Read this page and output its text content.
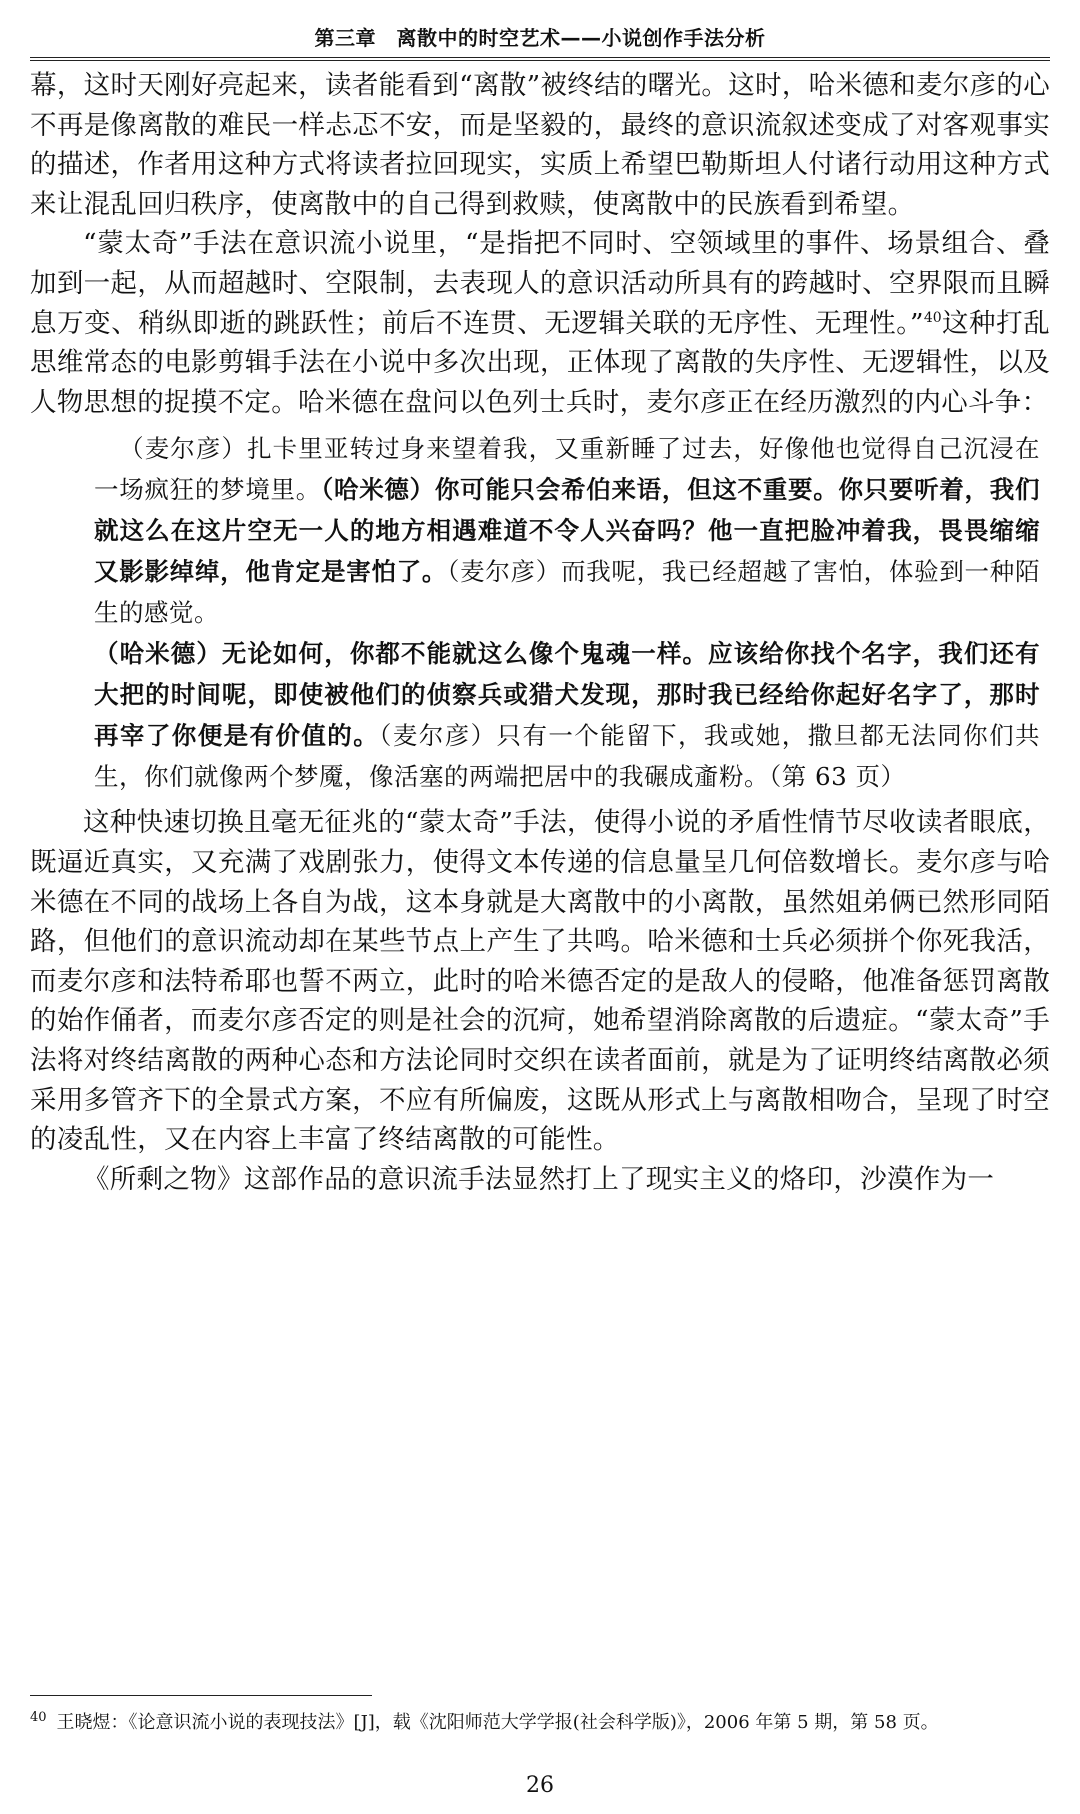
第三章　离散中的时空艺术——小说创作手法分析

幕，这时天刚好亮起来，读者能看到“离散”被终结的曙光。这时，哈米德和麦尔彦的心不再是像离散的难民一样忐忑不安，而是坚毅的，最终的意识流叙述变成了对客观事实的描述，作者用这种方式将读者拉回现实，实质上希望巴勒斯坦人付诸行动用这种方式来让混乱回归秩序，使离散中的自己得到救赎，使离散中的民族看到希望。

“蒙太奇”手法在意识流小说里，“是指把不同时、空领域里的事件、场景组合、叠加到一起，从而超越时、空限制，去表现人的意识活动所具有的跨越时、空界限而且瞬息万变、稍纵即逝的跳跃性；前后不连贯、无逻辑关联的无序性、无理性。”$^{40}$这种打乱思维常态的电影剪辑手法在小说中多次出现，正体现了离散的失序性、无逻辑性，以及人物思想的捉摸不定。哈米德在盘问以色列士兵时，麦尔彦正在经历激烈的内心斗争：

（麦尔彦）扎卡里亚转过身来望着我，又重新睡了过去，好像他也觉得自己沉浸在一场疯狂的梦境里。（哈米德）你可能只会希伯来语，但这不重要。你只要听着，我们就这么在这片空无一人的地方相遇难道不令人兴奋吗？他一直把脸冲着我，畏畏缩缩又影影绰绰，他肯定是害怕了。（麦尔彦）而我呢，我已经超越了害怕，体验到一种陌生的感觉。
（哈米德）无论如何，你都不能就这么像个鬼魂一样。应该给你找个名字，我们还有大把的时间呢，即使被他们的侦察兵或猎犬发现，那时我已经给你起好名字了，那时再宰了你便是有价值的。（麦尔彦）只有一个能留下，我或她，撒旦都无法同你们共生，你们就像两个梦魇，像活塞的两端把居中的我碾成齑粉。（第 63 页）

这种快速切换且毫无征兆的“蒙太奇”手法，使得小说的矛盾性情节尽收读者眼底，既逼近真实，又充满了戏剧张力，使得文本传递的信息量呈几何倍数增长。麦尔彦与哈米德在不同的战场上各自为战，这本身就是大离散中的小离散，虽然姐弟俩已然形同陌路，但他们的意识流动却在某些节点上产生了共鸣。哈米德和士兵必须拼个你死我活，而麦尔彦和法特希耶也誓不两立，此时的哈米德否定的是敌人的侵略，他准备惩罚离散的始作俑者，而麦尔彦否定的则是社会的沉疴，她希望消除离散的后遗症。“蒙太奇”手法将对终结离散的两种心态和方法论同时交织在读者面前，就是为了证明终结离散必须采用多管齐下的全景式方案，不应有所偏废，这既从形式上与离散相吻合，呈现了时空的凌乱性，又在内容上丰富了终结离散的可能性。

《所剩之物》这部作品的意识流手法显然打上了现实主义的烙印，沙漠作为一

$^{40}$ 王晓煜：《论意识流小说的表现技法》[J]，载《沈阳师范大学学报(社会科学版)》，2006 年第 5 期，第 58 页。
26
